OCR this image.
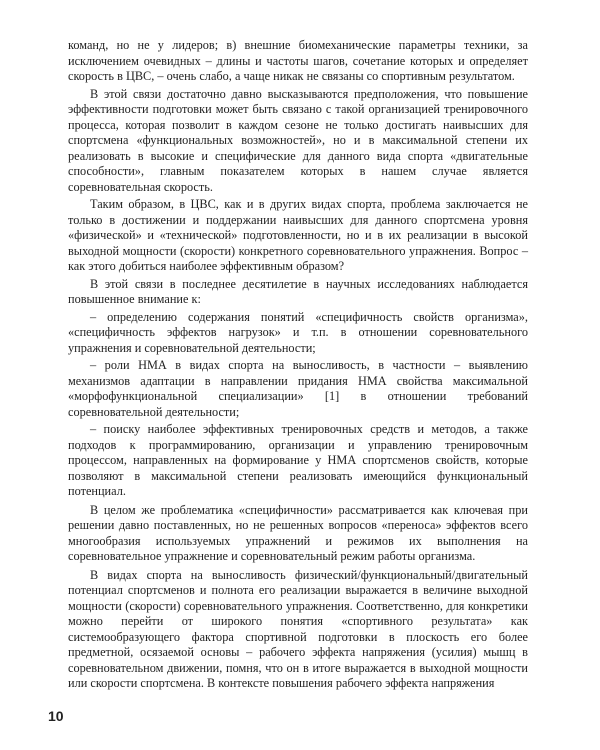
команд, но не у лидеров; в) внешние биомеханические параметры техники, за исключением очевидных – длины и частоты шагов, сочетание которых и определяет скорость в ЦВС, – очень слабо, а чаще никак не связаны со спортивным результатом.

В этой связи достаточно давно высказываются предположения, что повышение эффективности подготовки может быть связано с такой организацией тренировочного процесса, которая позволит в каждом сезоне не только достигать наивысших для спортсмена «функциональных возможностей», но и в максимальной степени их реализовать в высокие и специфические для данного вида спорта «двигательные способности», главным показателем которых в нашем случае является соревновательная скорость.

Таким образом, в ЦВС, как и в других видах спорта, проблема заключается не только в достижении и поддержании наивысших для данного спортсмена уровня «физической» и «технической» подготовленности, но и в их реализации в высокой выходной мощности (скорости) конкретного соревновательного упражнения. Вопрос – как этого добиться наиболее эффективным образом?

В этой связи в последнее десятилетие в научных исследованиях наблюдается повышенное внимание к:

– определению содержания понятий «специфичность свойств организма», «специфичность эффектов нагрузок» и т.п. в отношении соревновательного упражнения и соревновательной деятельности;

– роли НМА в видах спорта на выносливость, в частности – выявлению механизмов адаптации в направлении придания НМА свойства максимальной «морфофункциональной специализации» [1] в отношении требований соревновательной деятельности;

– поиску наиболее эффективных тренировочных средств и методов, а также подходов к программированию, организации и управлению тренировочным процессом, направленных на формирование у НМА спортсменов свойств, которые позволяют в максимальной степени реализовать имеющийся функциональный потенциал.

В целом же проблематика «специфичности» рассматривается как ключевая при решении давно поставленных, но не решенных вопросов «переноса» эффектов всего многообразия используемых упражнений и режимов их выполнения на соревновательное упражнение и соревновательный режим работы организма.

В видах спорта на выносливость физический/функциональный/двигательный потенциал спортсменов и полнота его реализации выражается в величине выходной мощности (скорости) соревновательного упражнения. Соответственно, для конкретики можно перейти от широкого понятия «спортивного результата» как системообразующего фактора спортивной подготовки в плоскость его более предметной, осязаемой основы – рабочего эффекта напряжения (усилия) мышц в соревновательном движении, помня, что он в итоге выражается в выходной мощности или скорости спортсмена. В контексте повышения рабочего эффекта напряжения

10
